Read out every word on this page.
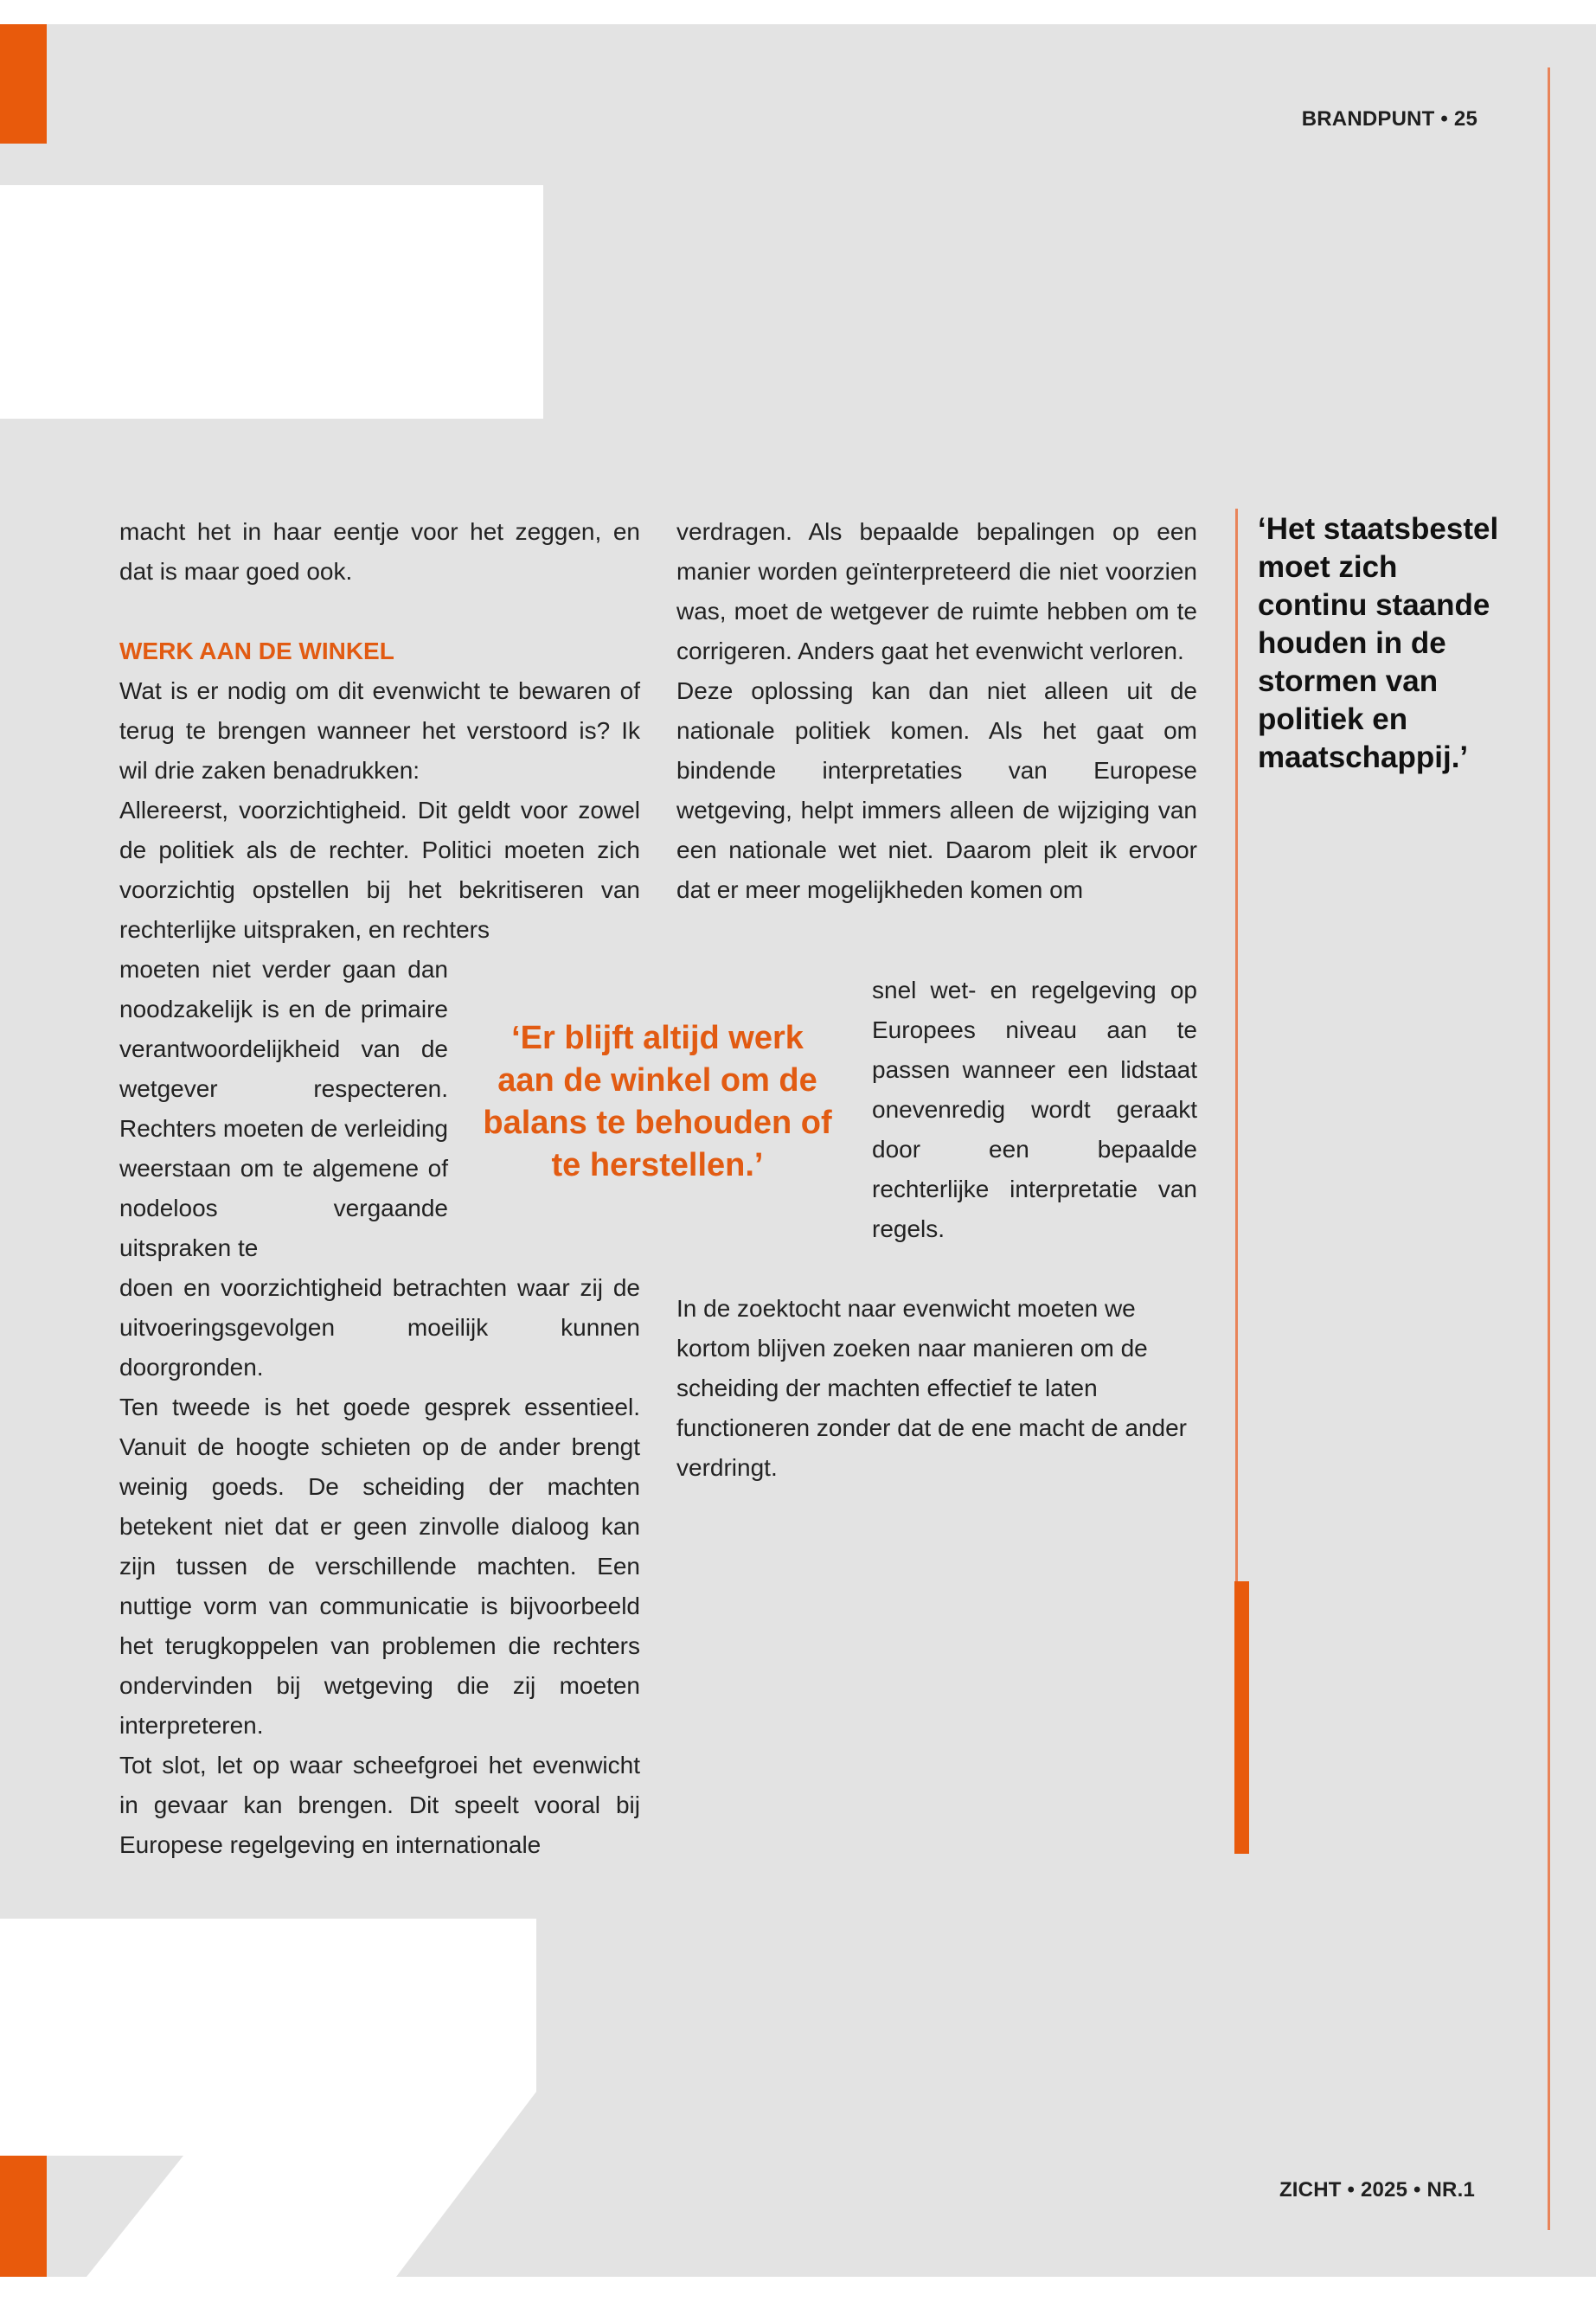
BRANDPUNT • 25

macht het in haar eentje voor het zeggen, en dat is maar goed ook.

WERK AAN DE WINKEL

Wat is er nodig om dit evenwicht te bewaren of terug te brengen wanneer het verstoord is? Ik wil drie zaken benadrukken:

Allereerst, voorzichtigheid. Dit geldt voor zowel de politiek als de rechter. Politici moeten zich voorzichtig opstellen bij het bekritiseren van rechterlijke uitspraken, en rechters

moeten niet verder gaan dan noodzakelijk is en de primaire verantwoordelijkheid van de wetgever respecteren. Rechters moeten de verleiding weerstaan om te algemene of nodeloos vergaande uitspraken te

doen en voorzichtigheid betrachten waar zij de uitvoeringsgevolgen moeilijk kunnen doorgronden.

Ten tweede is het goede gesprek essentieel. Vanuit de hoogte schieten op de ander brengt weinig goeds. De scheiding der machten betekent niet dat er geen zinvolle dialoog kan zijn tussen de verschillende machten. Een nuttige vorm van communicatie is bijvoorbeeld het terugkoppelen van problemen die rechters ondervinden bij wetgeving die zij moeten interpreteren.

Tot slot, let op waar scheefgroei het evenwicht in gevaar kan brengen. Dit speelt vooral bij Europese regelgeving en internationale

verdragen. Als bepaalde bepalingen op een manier worden geïnterpreteerd die niet voorzien was, moet de wetgever de ruimte hebben om te corrigeren. Anders gaat het evenwicht verloren.

Deze oplossing kan dan niet alleen uit de nationale politiek komen. Als het gaat om bindende interpretaties van Europese wetgeving, helpt immers alleen de wijziging van een nationale wet niet. Daarom pleit ik ervoor dat er meer mogelijkheden komen om

snel wet- en regelgeving op Europees niveau aan te passen wanneer een lidstaat onevenredig wordt geraakt door een bepaalde rechterlijke interpretatie van regels.

In de zoektocht naar evenwicht moeten we kortom blijven zoeken naar manieren om de scheiding der machten effectief te laten functioneren zonder dat de ene macht de ander verdringt.

‘Er blijft altijd werk aan de winkel om de balans te behouden of te herstellen.’
‘Het staatsbestel moet zich continu staande houden in de stormen van politiek en maatschappij.’
ZICHT • 2025 • NR.1
